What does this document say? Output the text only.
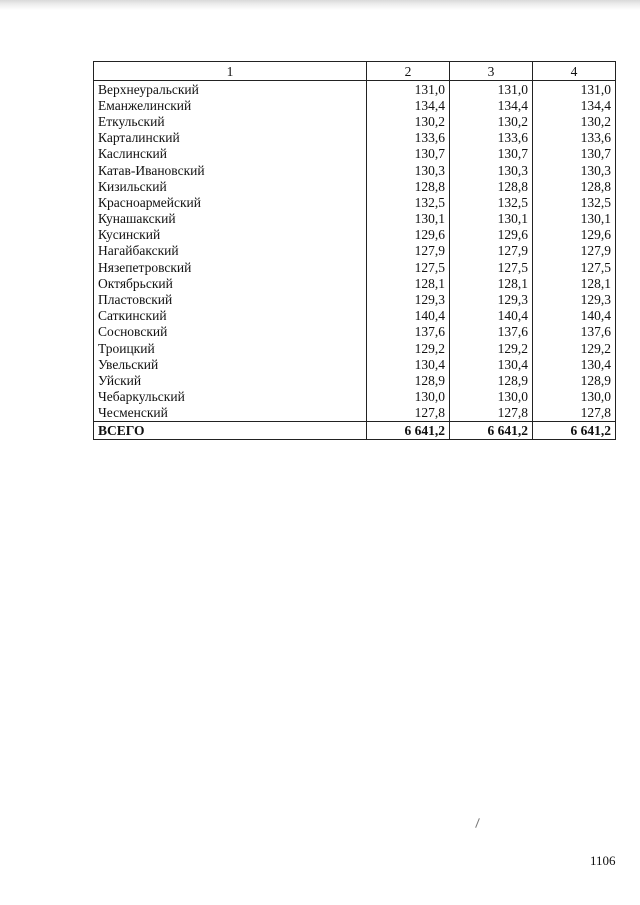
1	2	3	4
Верхнеуральский	131,0	131,0	131,0
Еманжелинский	134,4	134,4	134,4
Еткульский	130,2	130,2	130,2
Карталинский	133,6	133,6	133,6
Каслинский	130,7	130,7	130,7
Катав-Ивановский	130,3	130,3	130,3
Кизильский	128,8	128,8	128,8
Красноармейский	132,5	132,5	132,5
Кунашакский	130,1	130,1	130,1
Кусинский	129,6	129,6	129,6
Нагайбакский	127,9	127,9	127,9
Нязепетровский	127,5	127,5	127,5
Октябрьский	128,1	128,1	128,1
Пластовский	129,3	129,3	129,3
Саткинский	140,4	140,4	140,4
Сосновский	137,6	137,6	137,6
Троицкий	129,2	129,2	129,2
Увельский	130,4	130,4	130,4
Уйский	128,9	128,9	128,9
Чебаркульский	130,0	130,0	130,0
Чесменский	127,8	127,8	127,8
ВСЕГО	6 641,2	6 641,2	6 641,2
1106
